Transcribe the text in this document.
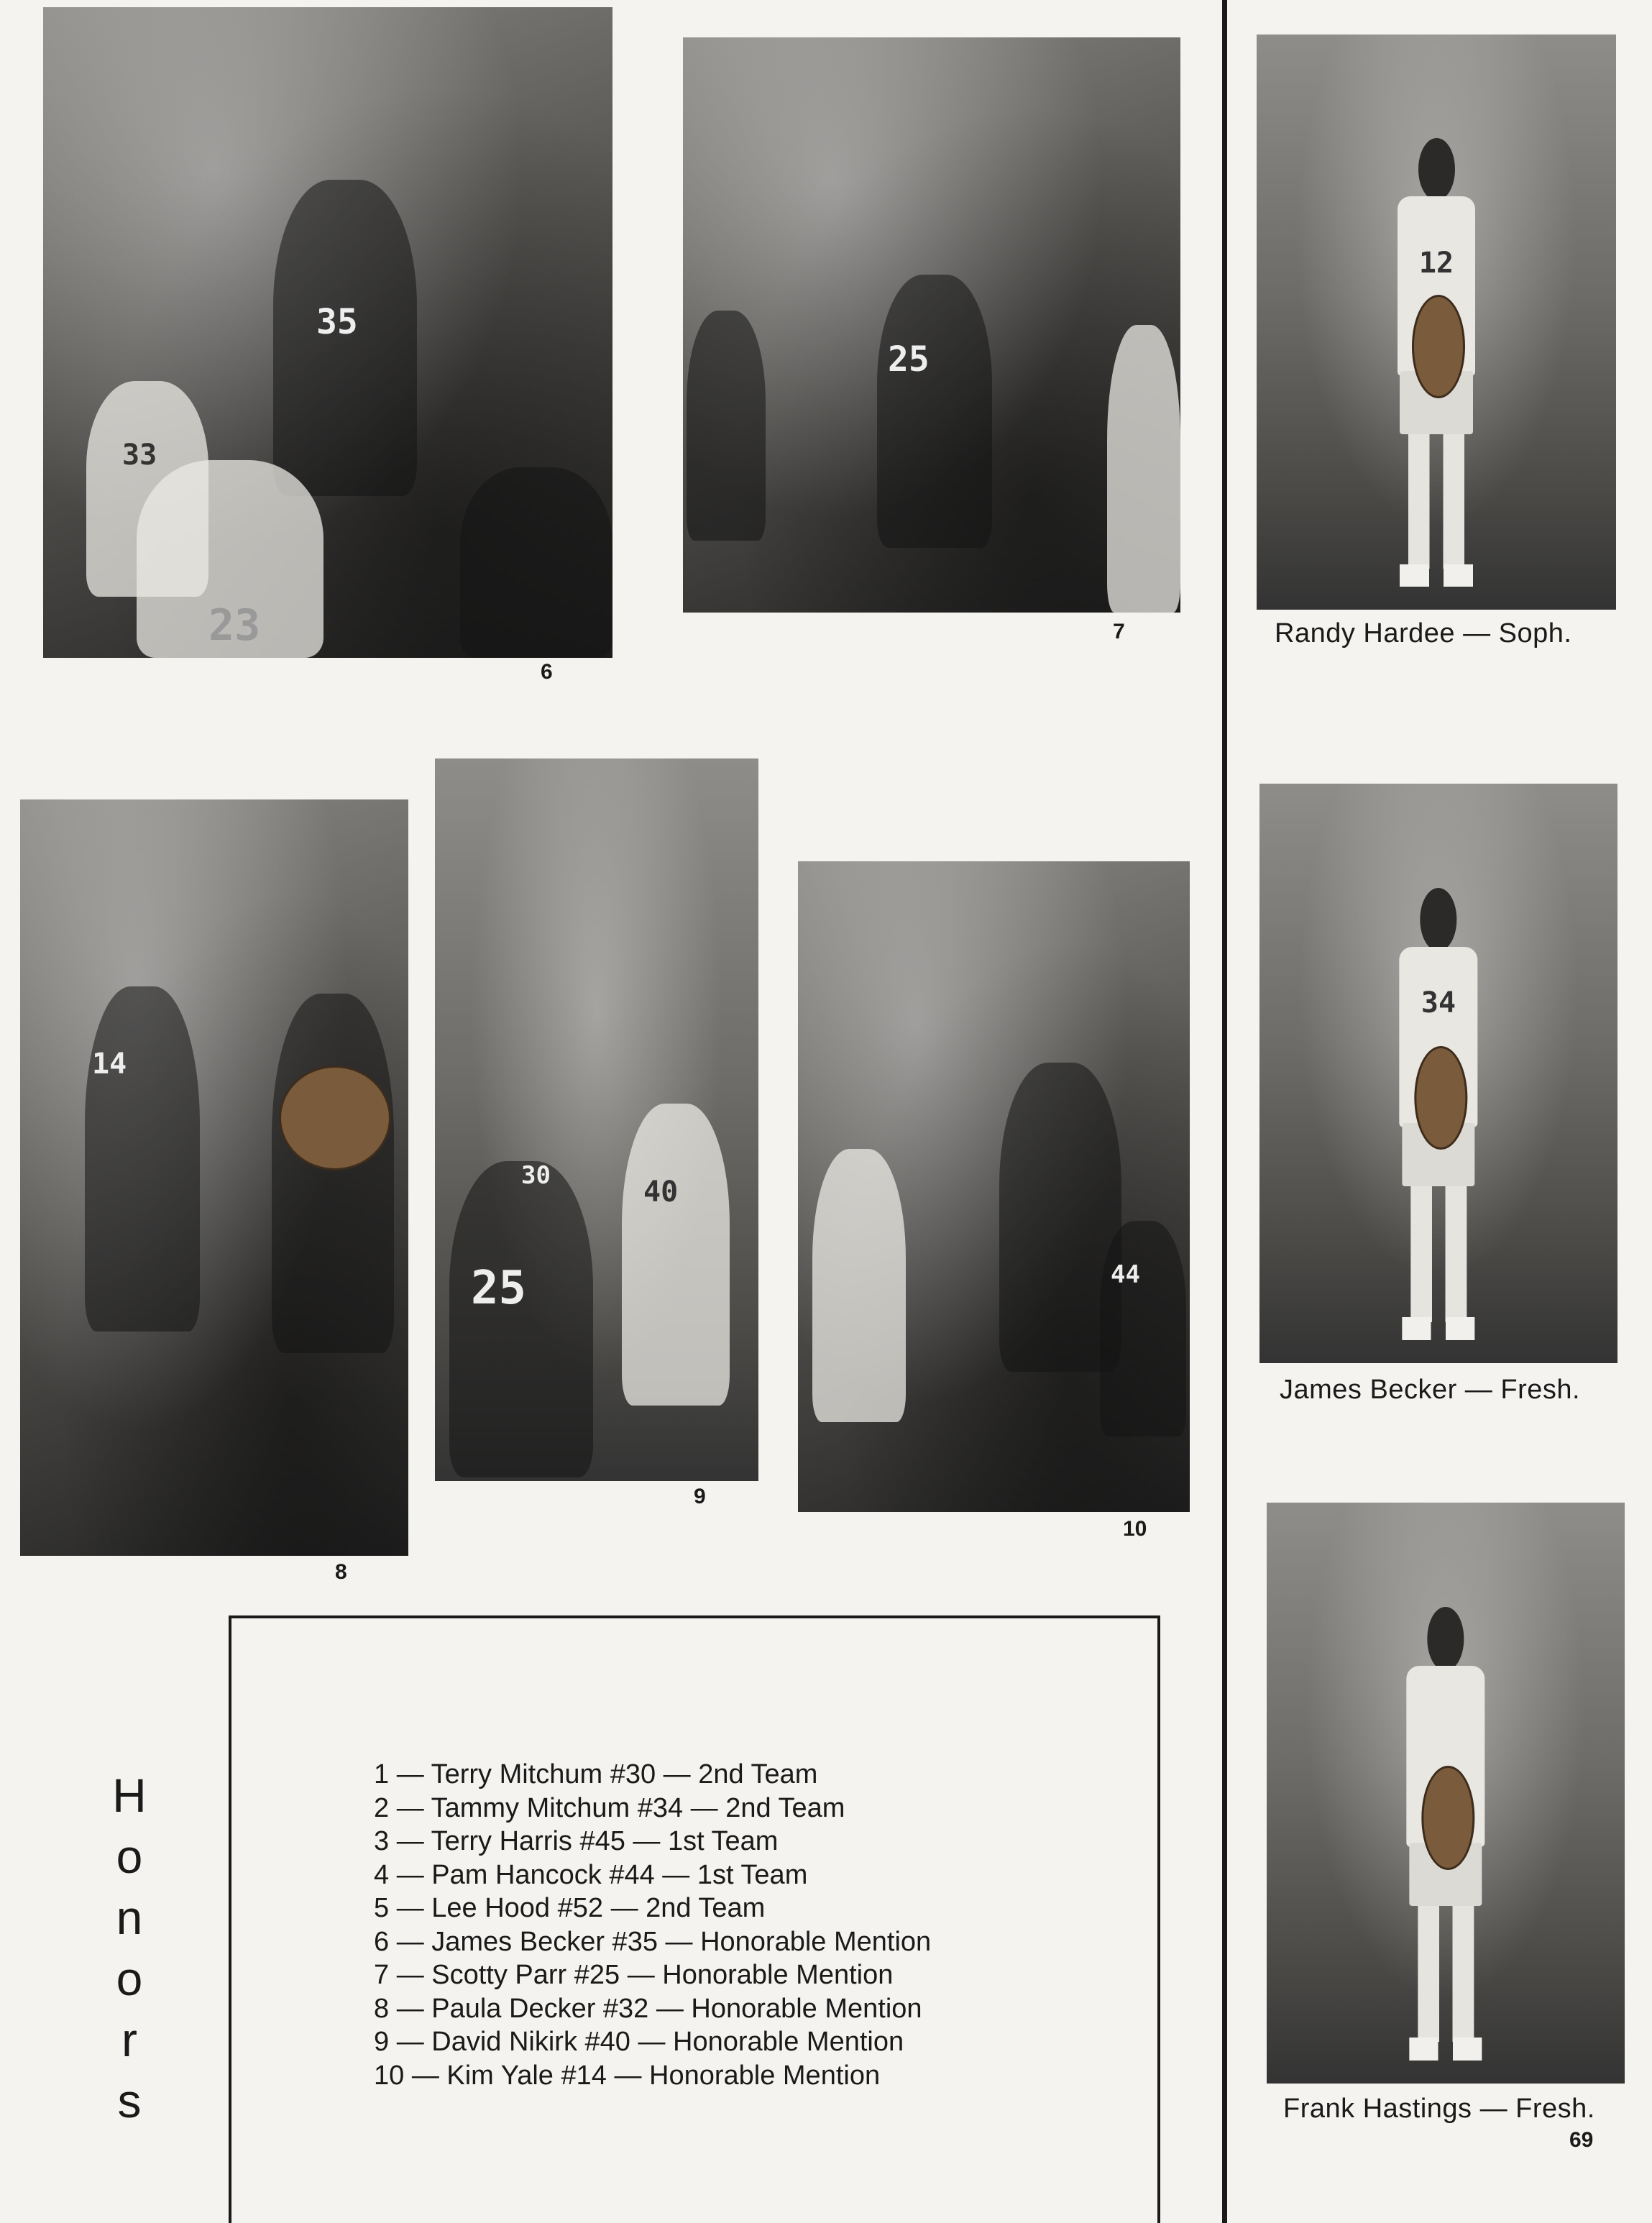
35
33
23
6
25
7
14
8
25
40
30
9
44
10
12
Randy Hardee — Soph.
34
James Becker — Fresh.
Frank Hastings — Fresh.
H
o
n
o
r
s
1 — Terry Mitchum #30 — 2nd Team
2 — Tammy Mitchum #34 — 2nd Team
3 — Terry Harris #45 — 1st Team
4 — Pam Hancock #44 — 1st Team
5 — Lee Hood #52 — 2nd Team
6 — James Becker #35 — Honorable Mention
7 — Scotty Parr #25 — Honorable Mention
8 — Paula Decker #32 — Honorable Mention
9 — David Nikirk #40 — Honorable Mention
10 — Kim Yale #14 — Honorable Mention
69
